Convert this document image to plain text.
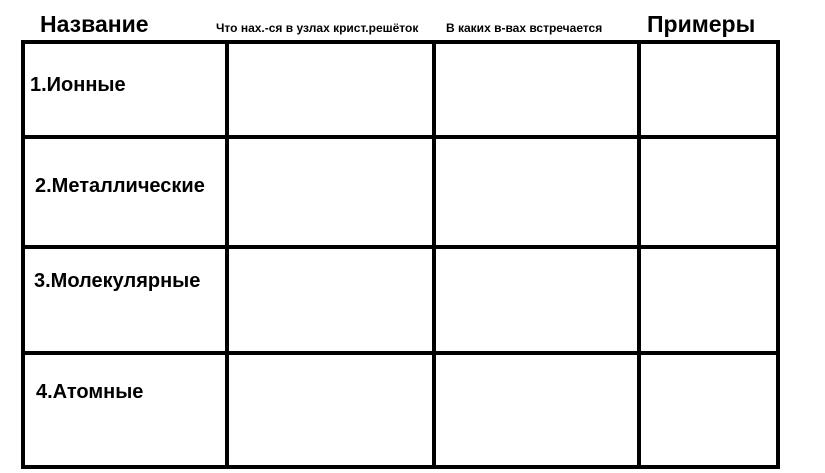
Название	Что нах.-ся в узлах крист.решёток В каких в-вах встречается Примеры
1.Ионные
2.Металлические
3.Молекулярные
4.Атомные
